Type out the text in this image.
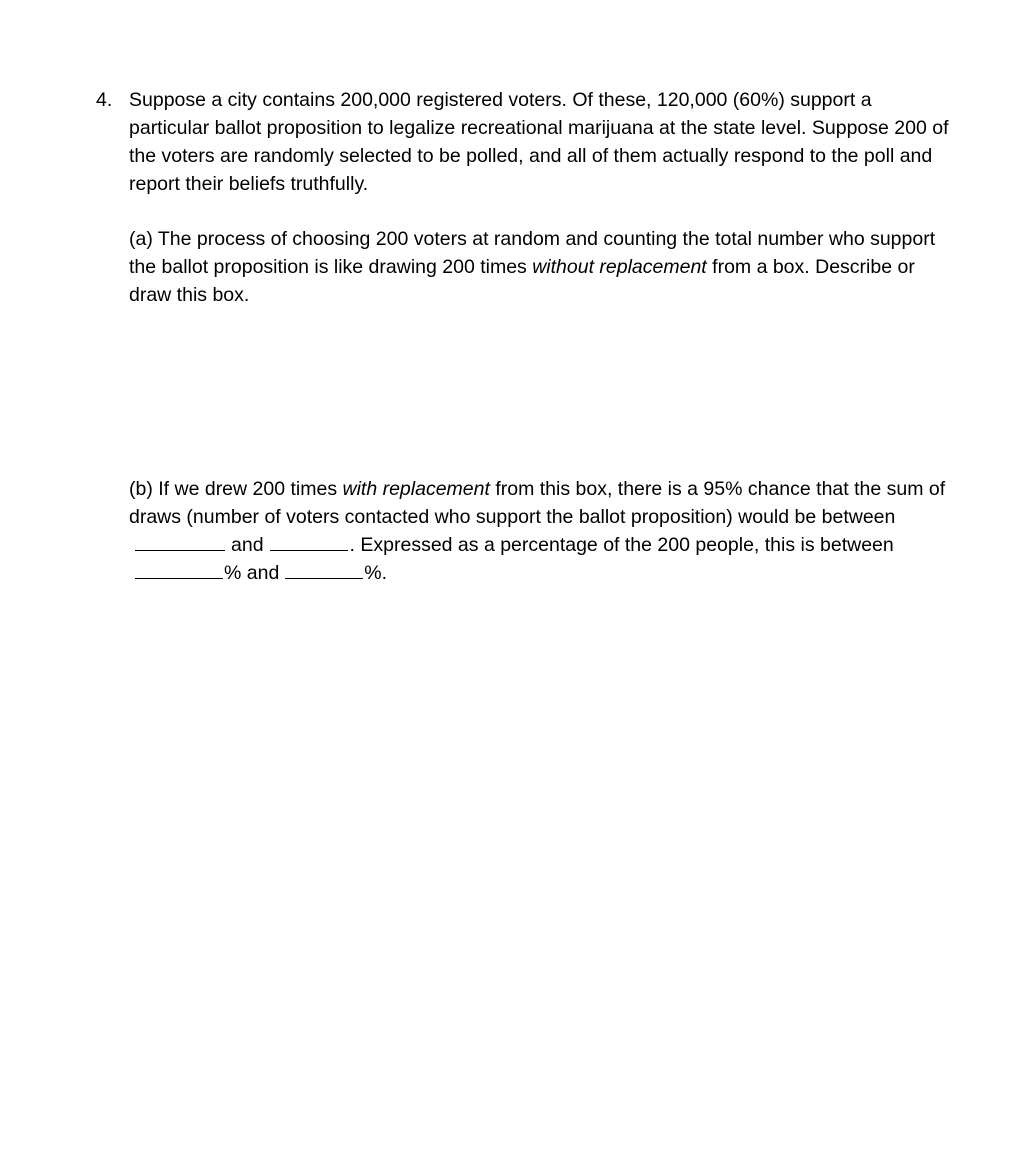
4. Suppose a city contains 200,000 registered voters. Of these, 120,000 (60%) support a particular ballot proposition to legalize recreational marijuana at the state level. Suppose 200 of the voters are randomly selected to be polled, and all of them actually respond to the poll and report their beliefs truthfully.
(a) The process of choosing 200 voters at random and counting the total number who support the ballot proposition is like drawing 200 times without replacement from a box. Describe or draw this box.
(b) If we drew 200 times with replacement from this box, there is a 95% chance that the sum of draws (number of voters contacted who support the ballot proposition) would be betweenand	. Expressed as a percentage of the 200 people, this is between% and	%.
